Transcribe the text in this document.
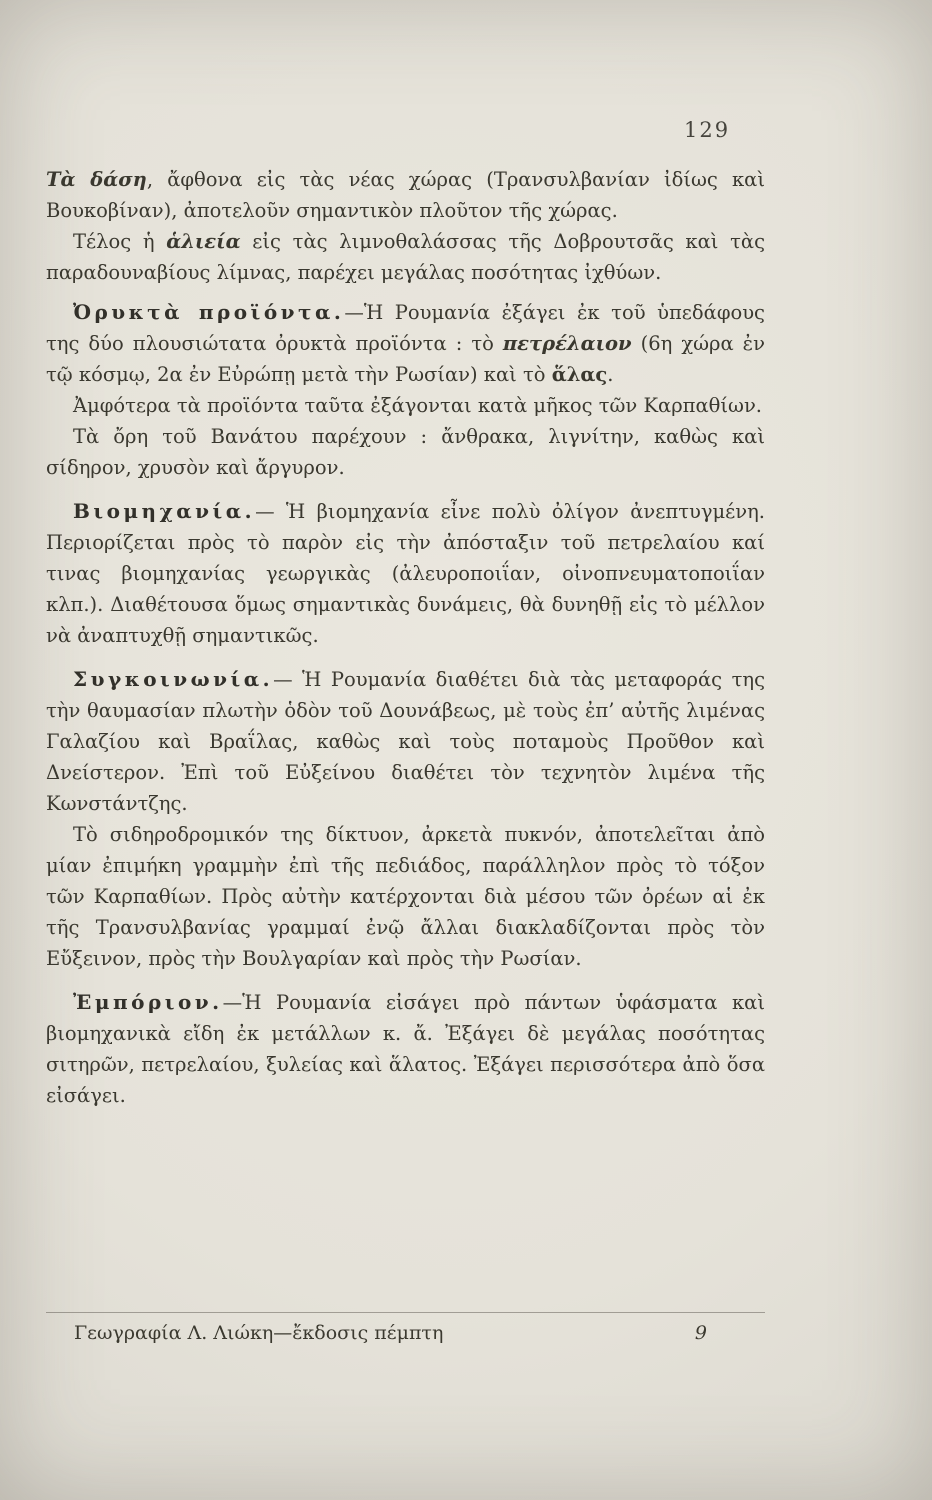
129

Τὰ δάση, ἄφθονα εἰς τὰς νέας χώρας (Τρανσυλβανίαν ἰδίως καὶ Βουκοβίναν), ἀποτελοῦν σημαντικὸν πλοῦτον τῆς χώρας.

Τέλος ἡ ἁλιεία εἰς τὰς λιμνοθαλάσσας τῆς Δοβρουτσᾶς καὶ τὰς παραδουναβίους λίμνας, παρέχει μεγάλας ποσότητας ἰχθύων.

Ὀρυκτὰ προϊόντα.—Ἡ Ρουμανία ἐξάγει ἐκ τοῦ ὑπεδάφους της δύο πλουσιώτατα ὀρυκτὰ προϊόντα : τὸ πετρέλαιον (6η χώρα ἐν τῷ κόσμῳ, 2α ἐν Εὐρώπῃ μετὰ τὴν Ρωσίαν) καὶ τὸ ἅλας.

Ἀμφότερα τὰ προϊόντα ταῦτα ἐξάγονται κατὰ μῆκος τῶν Καρπαθίων.

Τὰ ὄρη τοῦ Βανάτου παρέχουν : ἄνθρακα, λιγνίτην, καθὼς καὶ σίδηρον, χρυσὸν καὶ ἄργυρον.

Βιομηχανία.— Ἡ βιομηχανία εἶνε πολὺ ὀλίγον ἀνεπτυγμένη. Περιορίζεται πρὸς τὸ παρὸν εἰς τὴν ἀπόσταξιν τοῦ πετρελαίου καί τινας βιομηχανίας γεωργικὰς (ἀλευροποιΐαν, οἰνοπνευματοποιΐαν κλπ.). Διαθέτουσα ὅμως σημαντικὰς δυνάμεις, θὰ δυνηθῇ εἰς τὸ μέλλον νὰ ἀναπτυχθῇ σημαντικῶς.

Συγκοινωνία.— Ἡ Ρουμανία διαθέτει διὰ τὰς μεταφοράς της τὴν θαυμασίαν πλωτὴν ὁδὸν τοῦ Δουνάβεως, μὲ τοὺς ἐπ’ αὐτῆς λιμένας Γαλαζίου καὶ Βραΐλας, καθὼς καὶ τοὺς ποταμοὺς Προῦθον καὶ Δνείστερον. Ἐπὶ τοῦ Εὐξείνου διαθέτει τὸν τεχνητὸν λιμένα τῆς Κωνστάντζης.

Τὸ σιδηροδρομικόν της δίκτυον, ἀρκετὰ πυκνόν, ἀποτελεῖται ἀπὸ μίαν ἐπιμήκη γραμμὴν ἐπὶ τῆς πεδιάδος, παράλληλον πρὸς τὸ τόξον τῶν Καρπαθίων. Πρὸς αὐτὴν κατέρχονται διὰ μέσου τῶν ὀρέων αἱ ἐκ τῆς Τρανσυλβανίας γραμμαί ἐνῷ ἄλλαι διακλαδίζονται πρὸς τὸν Εὔξεινον, πρὸς τὴν Βουλγαρίαν καὶ πρὸς τὴν Ρωσίαν.

Ἐμπόριον.—Ἡ Ρουμανία εἰσάγει πρὸ πάντων ὑφάσματα καὶ βιομηχανικὰ εἴδη ἐκ μετάλλων κ. ἄ. Ἐξάγει δὲ μεγάλας ποσότητας σιτηρῶν, πετρελαίου, ξυλείας καὶ ἅλατος. Ἐξάγει περισσότερα ἀπὸ ὅσα εἰσάγει.

Γεωγραφία Λ. Λιώκη—ἔκδοσις πέμπτη	9
